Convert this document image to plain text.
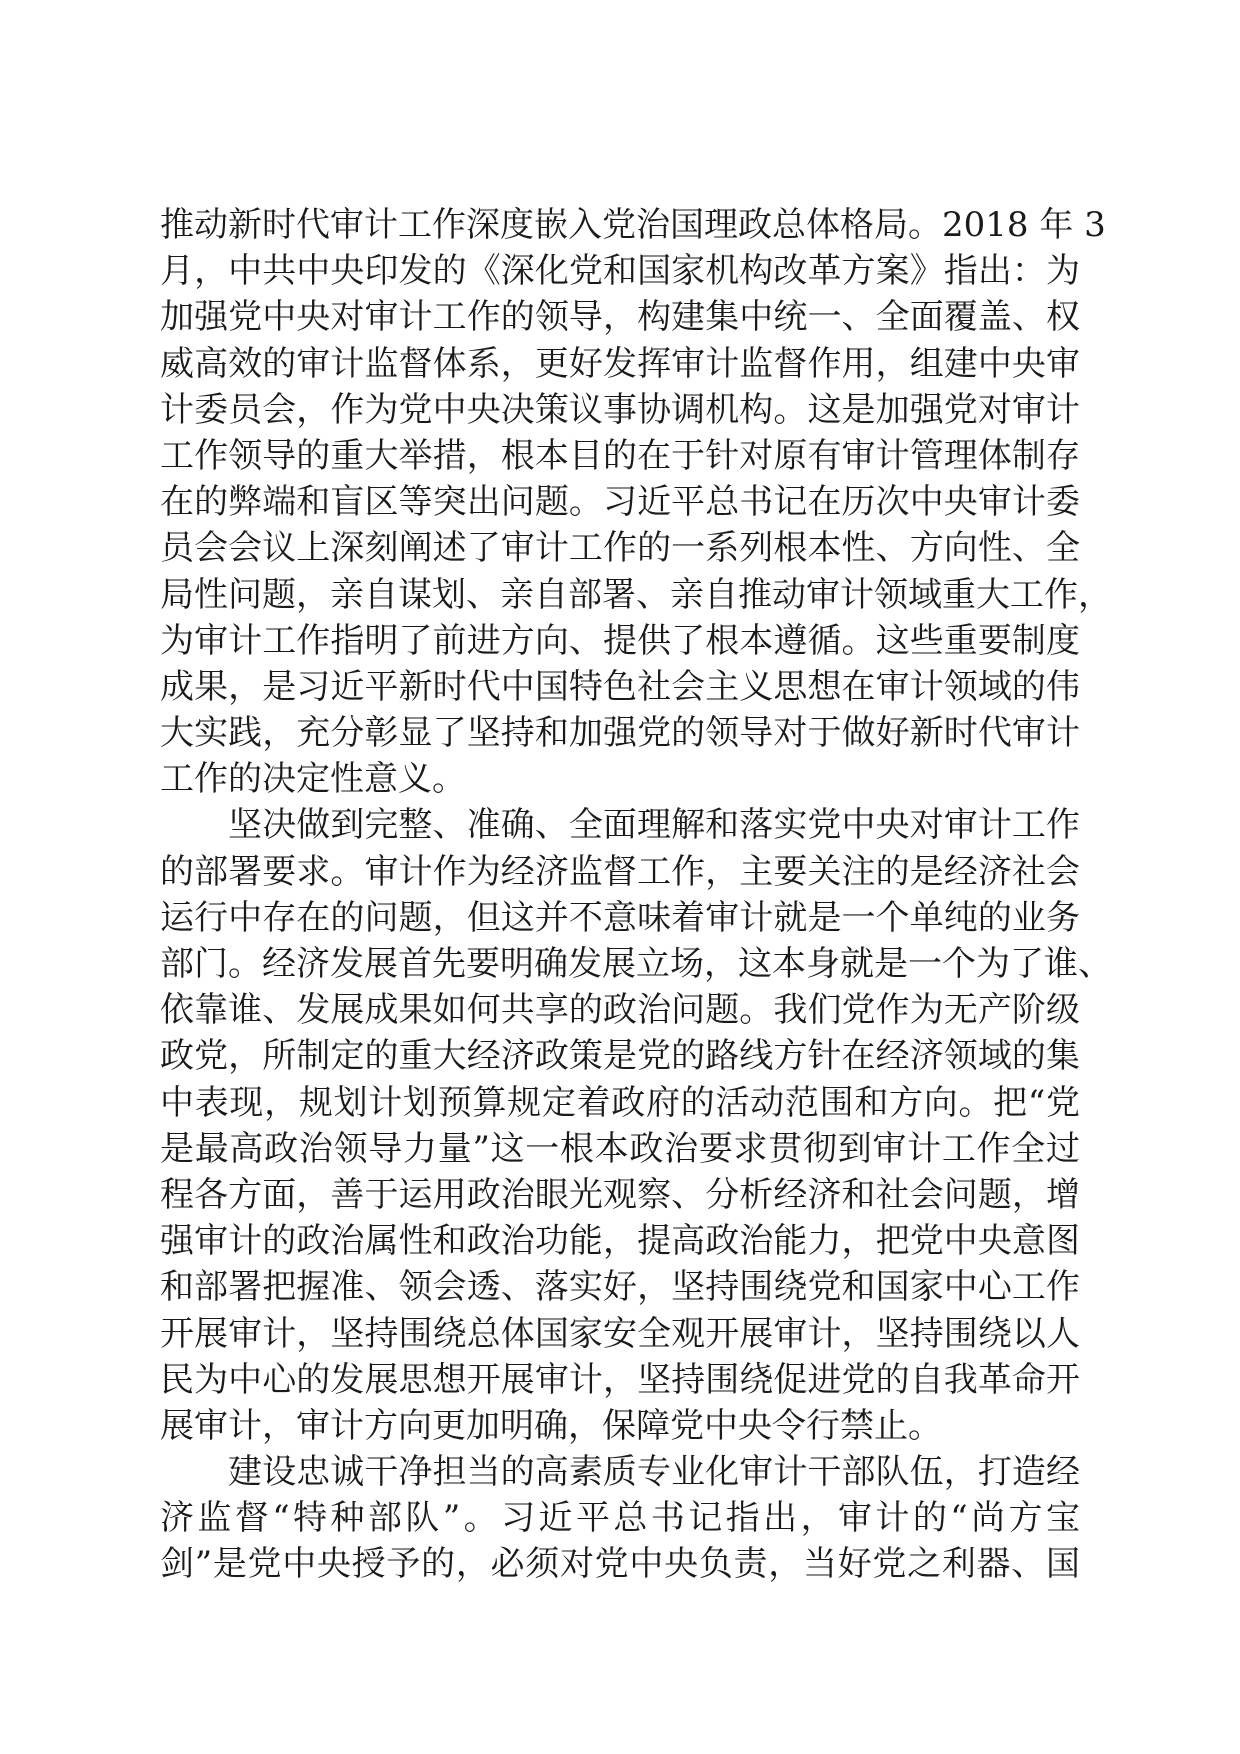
推动新时代审计工作深度嵌入党治国理政总体格局。2018 年 3
月，中共中央印发的《深化党和国家机构改革方案》指出：为
加强党中央对审计工作的领导，构建集中统一、全面覆盖、权
威高效的审计监督体系，更好发挥审计监督作用，组建中央审
计委员会，作为党中央决策议事协调机构。这是加强党对审计
工作领导的重大举措，根本目的在于针对原有审计管理体制存
在的弊端和盲区等突出问题。习近平总书记在历次中央审计委
员会会议上深刻阐述了审计工作的一系列根本性、方向性、全
局性问题，亲自谋划、亲自部署、亲自推动审计领域重大工作，
为审计工作指明了前进方向、提供了根本遵循。这些重要制度
成果，是习近平新时代中国特色社会主义思想在审计领域的伟
大实践，充分彰显了坚持和加强党的领导对于做好新时代审计
工作的决定性意义。
坚决做到完整、准确、全面理解和落实党中央对审计工作
的部署要求。审计作为经济监督工作，主要关注的是经济社会
运行中存在的问题，但这并不意味着审计就是一个单纯的业务
部门。经济发展首先要明确发展立场，这本身就是一个为了谁、
依靠谁、发展成果如何共享的政治问题。我们党作为无产阶级
政党，所制定的重大经济政策是党的路线方针在经济领域的集
中表现，规划计划预算规定着政府的活动范围和方向。把“党
是最高政治领导力量”这一根本政治要求贯彻到审计工作全过
程各方面，善于运用政治眼光观察、分析经济和社会问题，增
强审计的政治属性和政治功能，提高政治能力，把党中央意图
和部署把握准、领会透、落实好，坚持围绕党和国家中心工作
开展审计，坚持围绕总体国家安全观开展审计，坚持围绕以人
民为中心的发展思想开展审计，坚持围绕促进党的自我革命开
展审计，审计方向更加明确，保障党中央令行禁止。
建设忠诚干净担当的高素质专业化审计干部队伍，打造经
济监督“特种部队”。习近平总书记指出，审计的“尚方宝
剑”是党中央授予的，必须对党中央负责，当好党之利器、国
